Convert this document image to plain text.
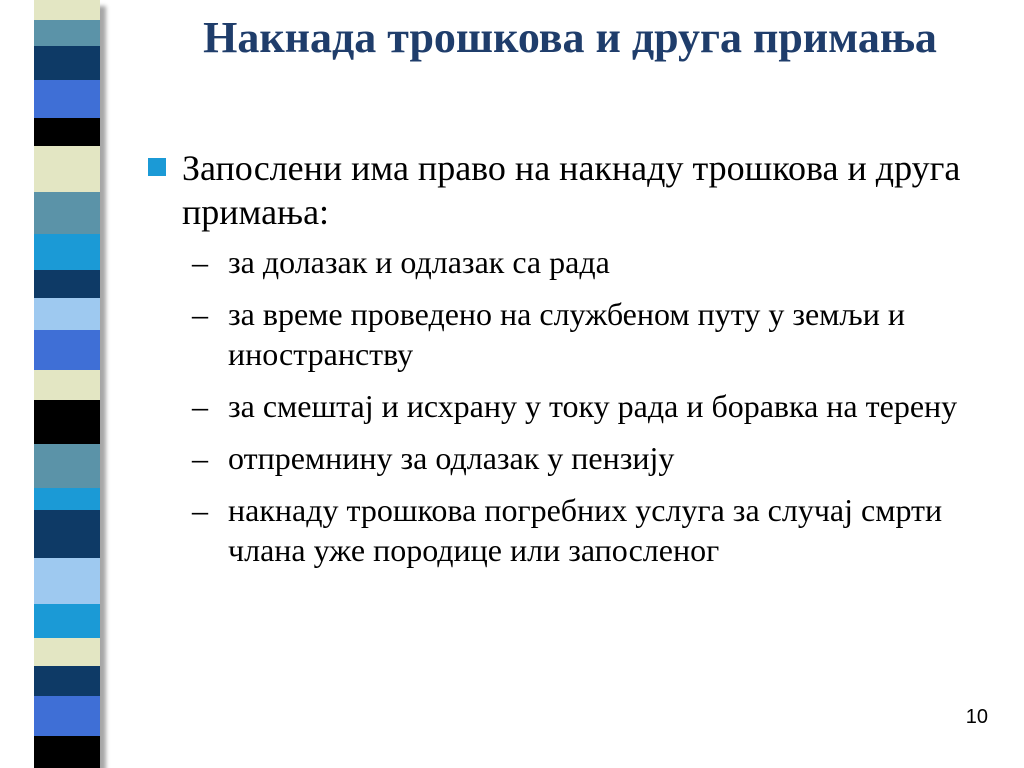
Накнада трошкова и друга примања

Запослени има право на накнаду трошкова и друга примања:

– за долазак и одлазак са рада
– за време проведено на службеном путу у земљи и иностранству
– за смештај и исхрану у току рада и боравка на терену
– отпремнину за одлазак у пензију
– накнаду трошкова погребних услуга за случај смрти члана уже породице или запосленог
10
